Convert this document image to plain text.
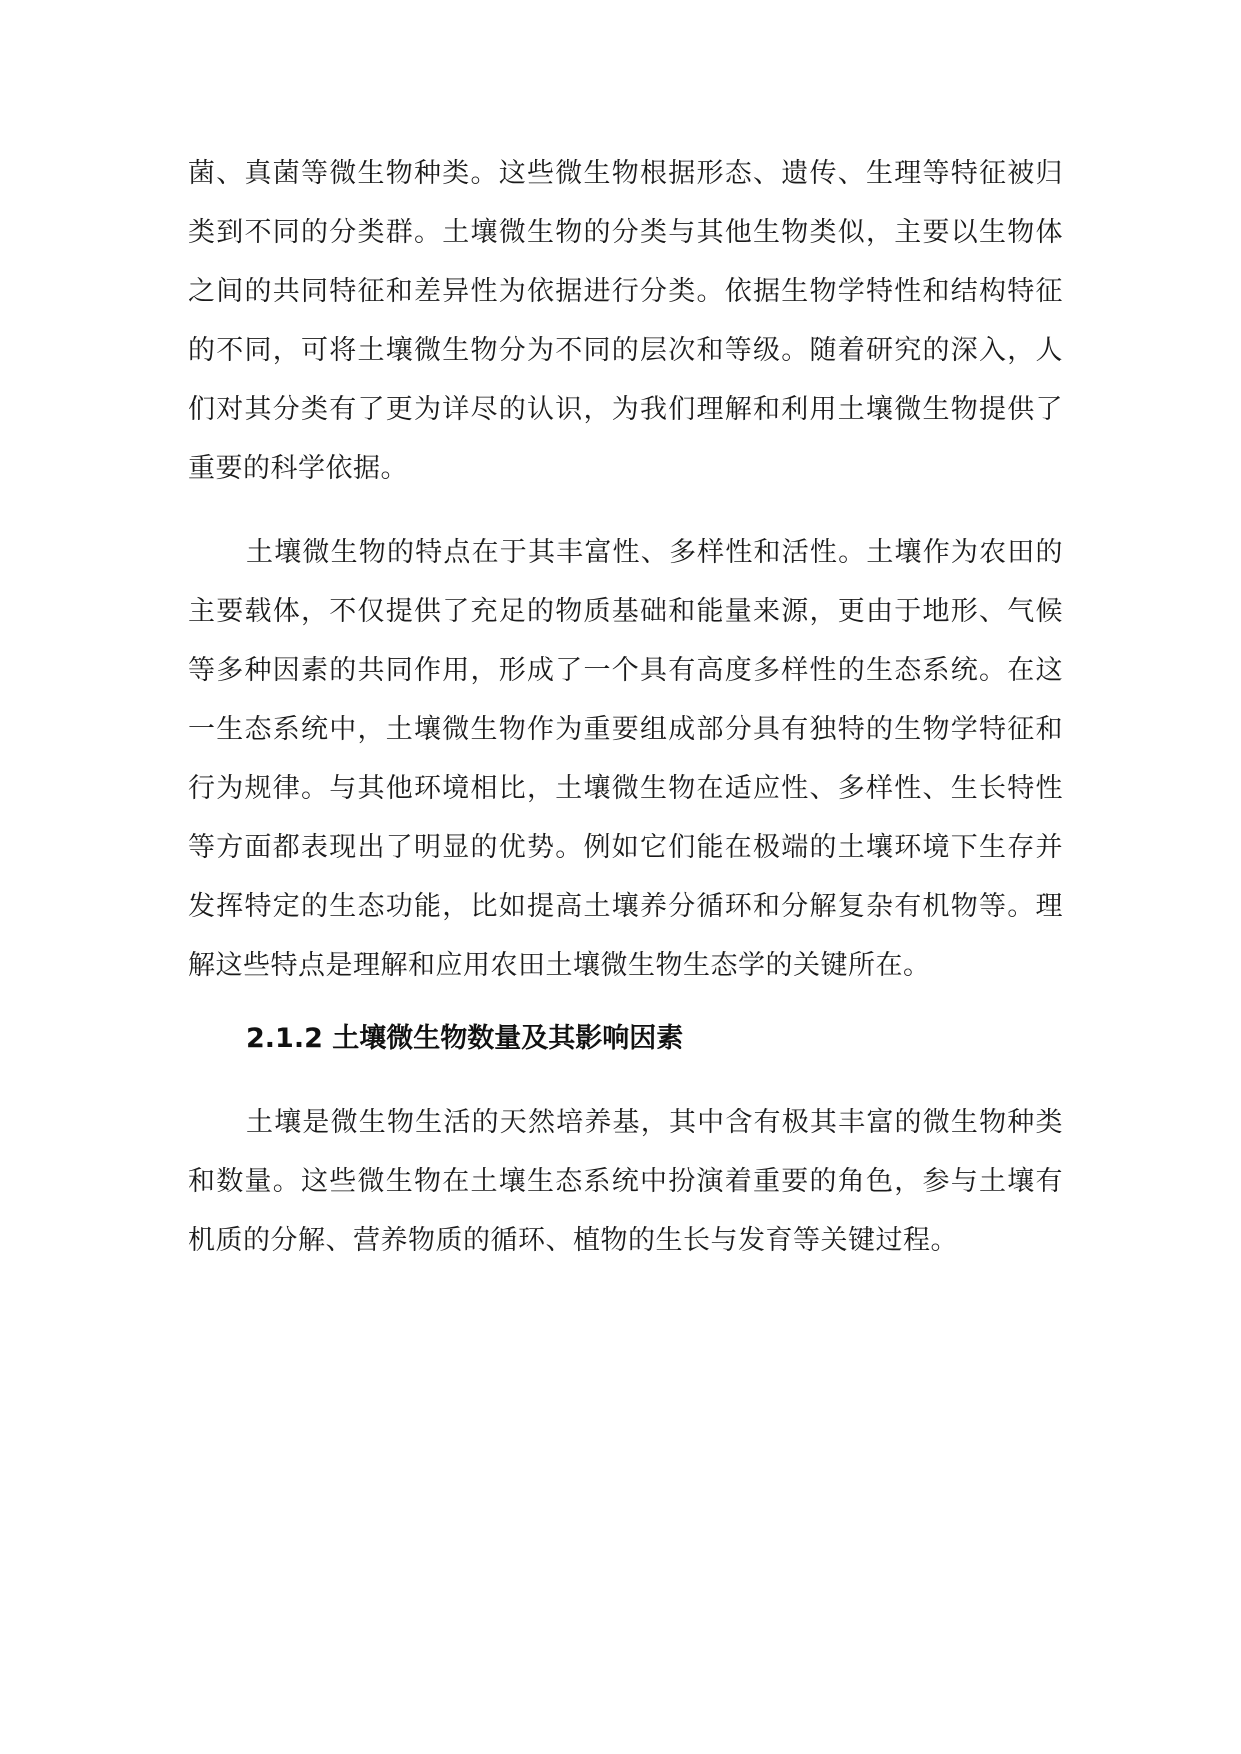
菌、真菌等微生物种类。这些微生物根据形态、遗传、生理等特征被归类到不同的分类群。土壤微生物的分类与其他生物类似，主要以生物体之间的共同特征和差异性为依据进行分类。依据生物学特性和结构特征的不同，可将土壤微生物分为不同的层次和等级。随着研究的深入，人们对其分类有了更为详尽的认识，为我们理解和利用土壤微生物提供了重要的科学依据。

土壤微生物的特点在于其丰富性、多样性和活性。土壤作为农田的主要载体，不仅提供了充足的物质基础和能量来源，更由于地形、气候等多种因素的共同作用，形成了一个具有高度多样性的生态系统。在这一生态系统中，土壤微生物作为重要组成部分具有独特的生物学特征和行为规律。与其他环境相比，土壤微生物在适应性、多样性、生长特性等方面都表现出了明显的优势。例如它们能在极端的土壤环境下生存并发挥特定的生态功能，比如提高土壤养分循环和分解复杂有机物等。理解这些特点是理解和应用农田土壤微生物生态学的关键所在。

2.1.2 土壤微生物数量及其影响因素

土壤是微生物生活的天然培养基，其中含有极其丰富的微生物种类和数量。这些微生物在土壤生态系统中扮演着重要的角色，参与土壤有机质的分解、营养物质的循环、植物的生长与发育等关键过程。
